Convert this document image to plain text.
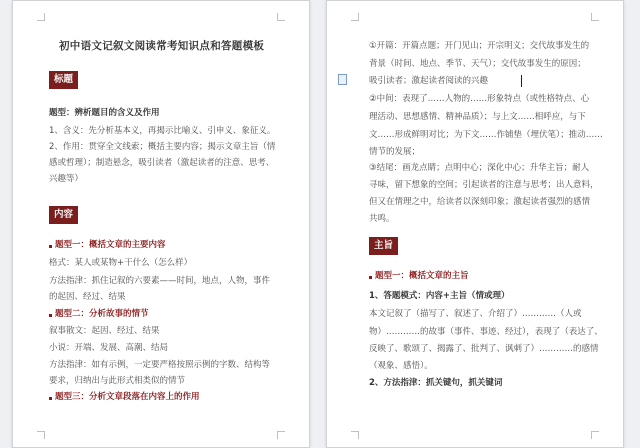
初中语文记叙文阅读常考知识点和答题模板
标题
题型：辨析题目的含义及作用
1、含义：先分析基本义，再揭示比喻义、引申义、象征义。
2、作用：贯穿全文线索；概括主要内容；揭示文章主旨（情
感或哲理）；制造悬念，吸引读者（激起读者的注意、思考、
兴趣等）
内容
题型一：概括文章的主要内容
格式：某人或某物+干什么（怎么样）
方法指津：抓住记叙的六要素——时间，地点，人物，事件
的起因、经过、结果
题型二：分析故事的情节
叙事散文：起因、经过、结果
小说：开端、发展、高潮、结局
方法指津：如有示例，一定要严格按照示例的字数、结构等
要求，归纳出与此形式相类似的情节
题型三：分析文章段落在内容上的作用
①开篇：开篇点题；开门见山；开宗明义；交代故事发生的
背景（时间、地点、季节、天气）；交代故事发生的原因；
吸引读者；激起读者阅读的兴趣
②中间：表现了……人物的……形象特点（或性格特点、心
理活动、思想感情、精神品质）；与上文……相呼应，与下
文……形成鲜明对比；为下文……作铺垫（埋伏笔）；推动……
情节的发展；
③结尾：画龙点睛；点明中心；深化中心；升华主旨；耐人
寻味，留下想象的空间；引起读者的注意与思考；出人意料，
但又在情理之中，给读者以深刻印象；激起读者强烈的感情
共鸣。
主旨
题型一：概括文章的主旨
1、答题模式：内容+主旨（情或理）
本文记叙了（描写了、叙述了、介绍了）…………（人或
物）…………的故事（事件、事迹、经过），表现了（表达了、
反映了、歌颂了、揭露了、批判了、讽刺了）…………的感情
（观象、感悟）。
2、方法指津：抓关键句，抓关键词
